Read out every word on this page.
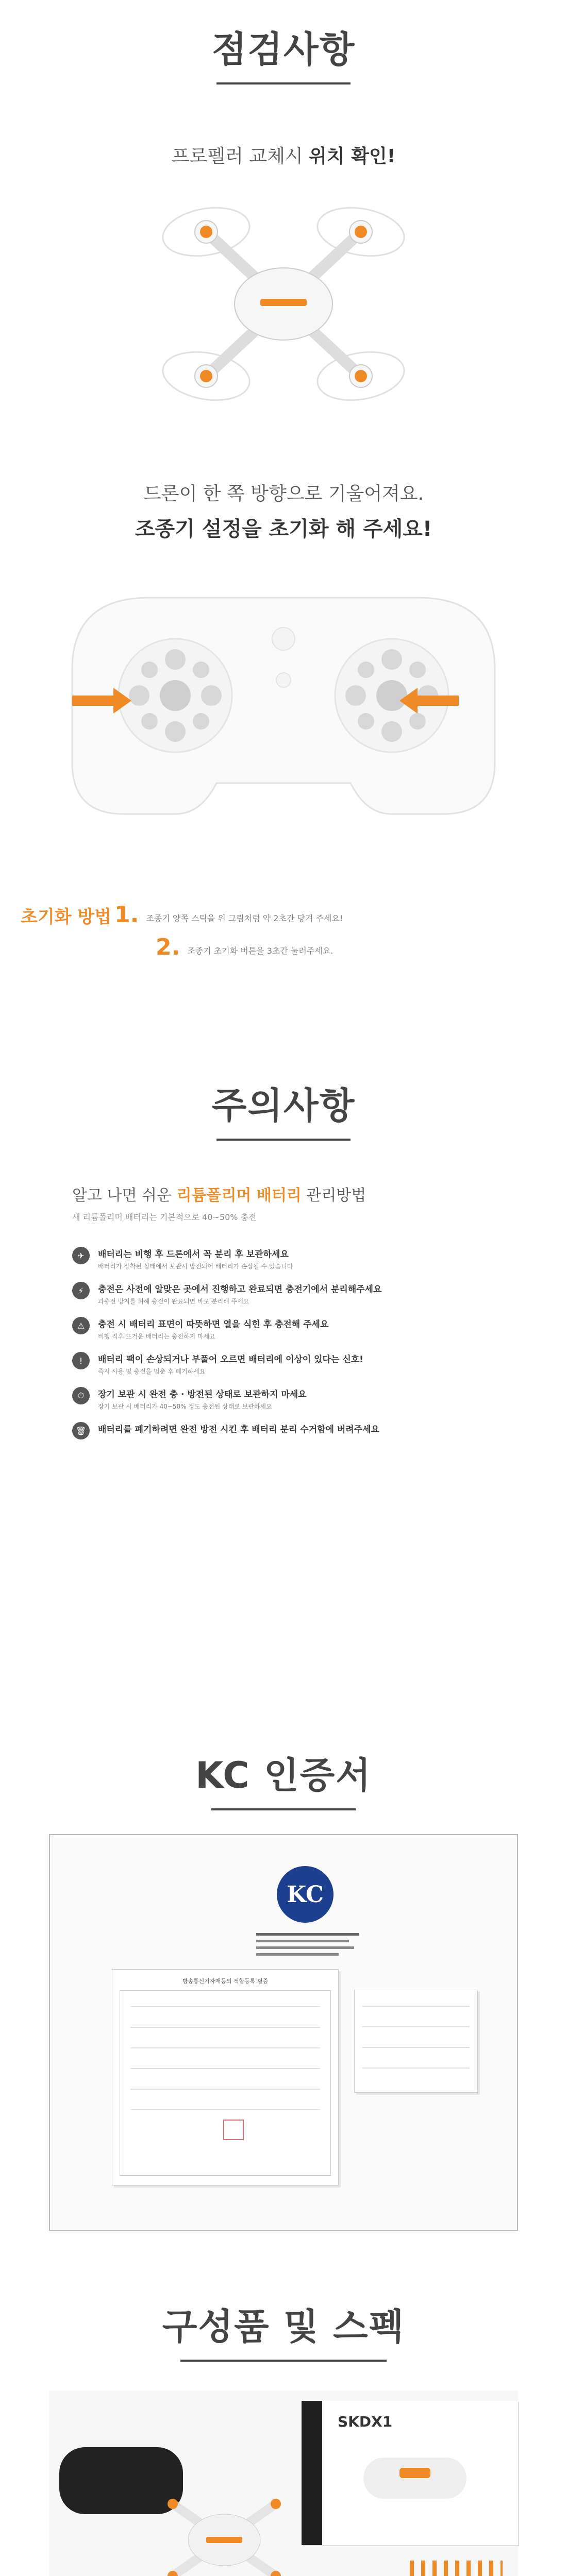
점검사항
프로펠러 교체시 위치 확인!
드론이 한 쪽 방향으로 기울어져요.
조종기 설정을 초기화 해 주세요!
초기화 방법 1. 조종기 양쪽 스틱을 위 그림처럼 약 2초간 당겨 주세요!
2. 조종기 초기화 버튼을 3초간 눌러주세요.
주의사항
알고 나면 쉬운 리튬폴리머 배터리 관리방법
새 리튬폴리머 배터리는 기본적으로 40~50% 충전
✈	배터리는 비행 후 드론에서 꼭 분리 후 보관하세요
배터리가 장착된 상태에서 보관시 방전되어 배터리가 손상될 수 있습니다
⚡	충전은 사전에 알맞은 곳에서 진행하고 완료되면 충전기에서 분리해주세요
과충전 방지를 위해 충전이 완료되면 바로 분리해 주세요
⚠	충전 시 배터리 표면이 따뜻하면 열을 식힌 후 충전해 주세요
비행 직후 뜨거운 배터리는 충전하지 마세요
!	배터리 팩이 손상되거나 부풀어 오르면 배터리에 이상이 있다는 신호!
즉시 사용 및 충전을 멈춘 후 폐기하세요
⏱	장기 보관 시 완전 충 · 방전된 상태로 보관하지 마세요
장기 보관 시 배터리가 40~50% 정도 충전된 상태로 보관하세요
🗑	배터리를 폐기하려면 완전 방전 시킨 후 배터리 분리 수거함에 버려주세요
KC 인증서
KC
방송통신기자재등의 적합등록 필증
구성품 및 스펙
SKDX1
